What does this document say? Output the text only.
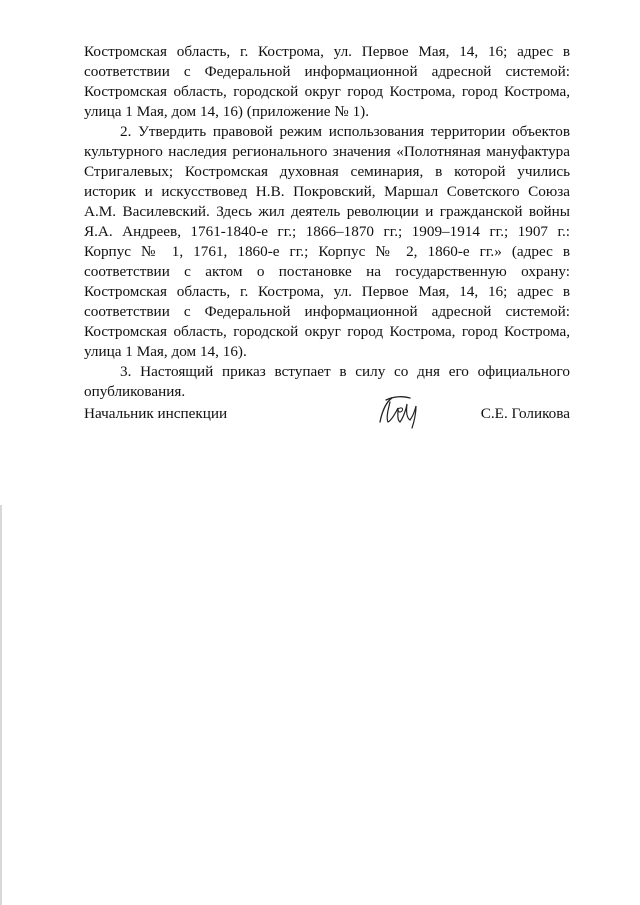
Костромская область, г. Кострома, ул. Первое Мая, 14, 16; адрес в
соответствии с Федеральной информационной адресной системой:
Костромская область, городской округ город Кострома, город Кострома,
улица 1 Мая, дом 14, 16) (приложение № 1).

2. Утвердить правовой режим использования территории объектов
культурного наследия регионального значения «Полотняная мануфактура
Стригалевых; Костромская духовная семинария, в которой учились
историк и искусствовед Н.В. Покровский, Маршал Советского Союза
А.М. Василевский. Здесь жил деятель революции и гражданской войны
Я.А. Андреев, 1761-1840-е гг.; 1866–1870 гг.; 1909–1914 гг.; 1907 г.:
Корпус № 1, 1761, 1860-е гг.; Корпус № 2, 1860-е гг.» (адрес в
соответствии с актом о постановке на государственную охрану:
Костромская область, г. Кострома, ул. Первое Мая, 14, 16; адрес в
соответствии с Федеральной информационной адресной системой:
Костромская область, городской округ город Кострома, город Кострома,
улица 1 Мая, дом 14, 16).

3. Настоящий приказ вступает в силу со дня его официального
опубликования.

Начальник инспекции	С.Е. Голикова
